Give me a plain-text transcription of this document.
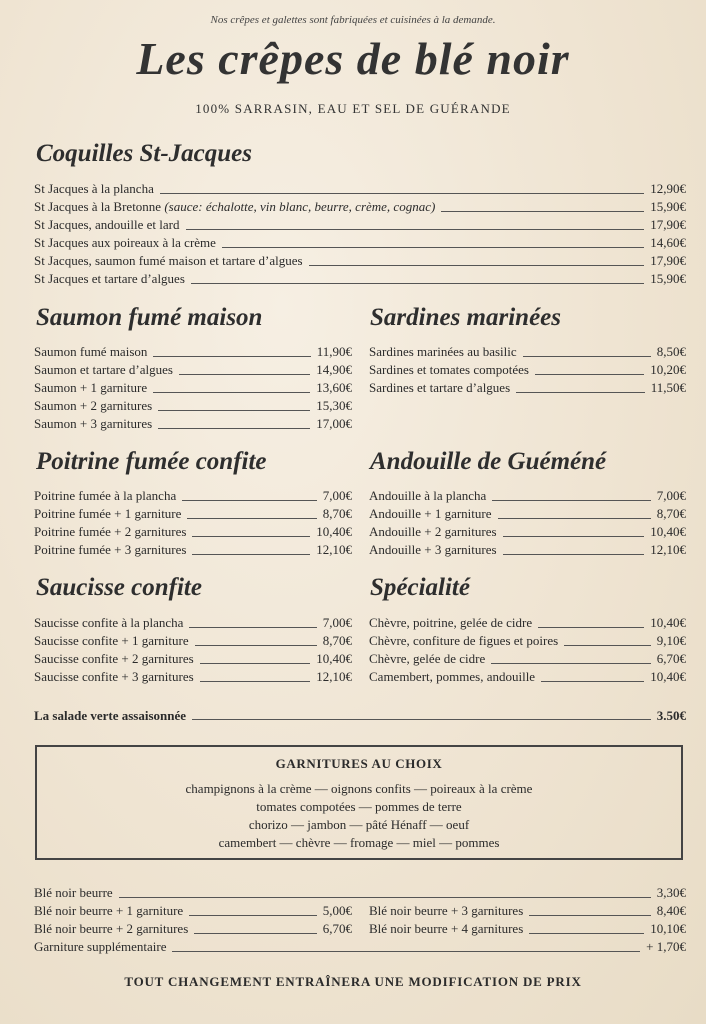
Nos crêpes et galettes sont fabriquées et cuisinées à la demande.
Les crêpes de blé noir
100% SARRASIN, EAU ET SEL DE GUÉRANDE
Coquilles St-Jacques
St Jacques à la plancha	12,90€
St Jacques à la Bretonne (sauce: échalotte, vin blanc, beurre, crème, cognac)	15,90€
St Jacques, andouille et lard	17,90€
St Jacques aux poireaux à la crème	14,60€
St Jacques, saumon fumé maison et tartare d’algues	17,90€
St Jacques et tartare d’algues	15,90€
Saumon fumé maison
Saumon fumé maison	11,90€
Saumon et tartare d’algues	14,90€
Saumon + 1 garniture	13,60€
Saumon + 2 garnitures	15,30€
Saumon + 3 garnitures	17,00€
Sardines marinées
Sardines marinées au basilic	8,50€
Sardines et tomates compotées	10,20€
Sardines et tartare d’algues	11,50€
Poitrine fumée confite
Poitrine fumée à la plancha	7,00€
Poitrine fumée + 1 garniture	8,70€
Poitrine fumée + 2 garnitures	10,40€
Poitrine fumée + 3 garnitures	12,10€
Andouille de Guéméné
Andouille à la plancha	7,00€
Andouille + 1 garniture	8,70€
Andouille + 2 garnitures	10,40€
Andouille + 3 garnitures	12,10€
Saucisse confite
Saucisse confite à la plancha	7,00€
Saucisse confite + 1 garniture	8,70€
Saucisse confite + 2 garnitures	10,40€
Saucisse confite + 3 garnitures	12,10€
Spécialité
Chèvre, poitrine, gelée de cidre	10,40€
Chèvre, confiture de figues et poires	9,10€
Chèvre, gelée de cidre	6,70€
Camembert, pommes, andouille	10,40€
La salade verte assaisonnée	3.50€
GARNITURES AU CHOIX
champignons à la crème — oignons confits — poireaux à la crème
tomates compotées — pommes de terre
chorizo — jambon — pâté Hénaff — oeuf
camembert — chèvre — fromage — miel — pommes
Blé noir beurre	3,30€
Blé noir beurre + 1 garniture	5,00€
Blé noir beurre + 2 garnitures	6,70€
Blé noir beurre + 3 garnitures	8,40€
Blé noir beurre + 4 garnitures	10,10€
Garniture supplémentaire	+ 1,70€
TOUT CHANGEMENT ENTRAÎNERA UNE MODIFICATION DE PRIX
